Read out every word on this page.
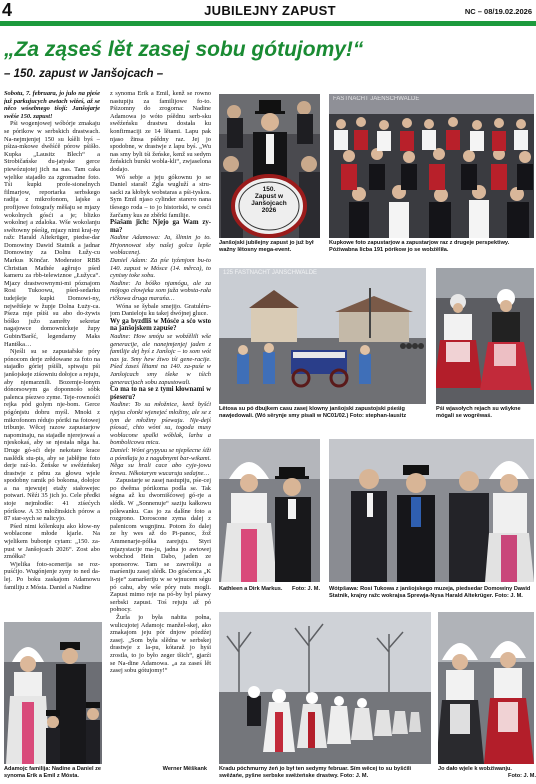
4	JUBILEJNY ZAPUST	NC – 08/19.02.2026
„Za ząseś lět zasej sobu gótujomy!“
– 150. zapust w Janšojcach –

Sobotu, 7. februara, jo julo na pjeśe juž parkujucych awtach wiźeś, až se něco wósebnego tšojí: Janšojarje swěśe 150. zapust!

Pśi wogenjowej wóbórje zmakaju se pórikow w serbskich drastwach. Na-nejmjenjej 150 su kśěli byś – pśiza-mkowe dwěśćě pórow pśišło. Kupka „Lausitz Blech“ a Strobičańske du-jatyske gerce piewózujotej jich na nas. Tam caka wjelike stajadło za zgromadne foto. Tśi kupki profe-sionelnych filmarjow, reportarka serbskego radija z mikrofonom, lajske a profijowe fotografy měšaju se mjazy wokolnych gósći a je; blizko wokolnej a zdaloka. Wše wokolanju swětowny pśeśig, mjazy nimi kraj-ny ražc Harald Altekrüger, piedse-dar Domowiny Dawid Statnik a jadnar Domowiny za Dolnu Łužy-cu Markus Könčar. Moderator RBB Christian Mathée agěrujo pśed kameru za rbb-telewiznoe „Łužyca“. Mjazy drastwownymi-mi póznajom Rosi Tukoowu, pśed-sedarku tudejšeje kupki Domowi-ny, nejwětšeje w župje Dolna Łuży-ca. Pśeza mje pśiśi su abo do-żywis bóško južo zamrěty sekretar nagajowce domownickeje župy Gubin/Baršć, legendarny Maks Hantška…

Njeśli su se zapustařske póry pónocom derje zrědowane za foto na stajadło góriej pśišli, spiwaju pśi janšojskeje ziśowniu dołojce a rejuju, aby njemarznili. Bozemje-lonym dónorsowym ga doponnošo sóbk palenca pśezwo zyme. Teje-rownośći rejka pód golym nje-bom. Gerce pógónjstu dobru myśl. Mnoki z mikrofonom rédujo póriki na fotowej tribunje. Wěcej razow zapustarjow napominaju, na stajadle njerejowaś a njeskokaś, aby se njestała něga ha. Druge gó-sći deje nekotare krace naslědk stu-pis, aby se jabłějne foto derje raź-lo. Žeńske w swěźeńskej drastwje z pěnu za głowu wjele spodobny ramik pó bokoma, dołojce a na njewujej etažy stałowejec potwari. Něźi 35 jich jo. Cele předki stoje nejmłodše: 41 ziśećych pórikow. A 33 młožinskich pórow a 87 star-sych se nalicyjo.

Pśed nimi kólenkuju ako kłow-ny woblacone młode kjarle. Na wjelikem bubonje cytam: „150. za-pust w Janšojcach 2026“. Zost abo zmółka?

Wjelika foto-scenerija se roz-puśćijo. Wugónjenje zyny to ned da-lej. Po boku zaskajom Adamowu familiju z Mósta. Daniel a Nadine

z synoma Erik a Emil, kenž se rowno nastupiju za familijowe fo-to. Pśizomny do zrogorna: Nadine Adamowa jo wóto pśědnu serb-sku swěźeńsku drastwu dostała ku konfirmaciji ze 14 lětami. Lapu pak njaso žinsa pśědny raz. Jej jo spodobne, w drastwje z lapu byś. „Wu nas smy byli tśi žeńske, kenž su sedym žeńskich burski wobla-kli“, zwjaselona dodajo.

Wó sebje a jeju gókownu jo se Daniel staraš! Zgla wugluží a stru-sacki za kłobyk wobstaras a pśi-tyskos. Sym Emil nјaso cylinder stareго nana tšesego roda – to jo historiski, w cesći žarčamy kus ze zběrki familije.

Pśašam jich: Njejo ga Wam zy-ma?

Nadine Adamowa: Ja, šlimin jo to. Hrjonnowat sby našej golca lepše wobłacenej.

Daniel Adam: Za pśe tyźenjom bu-to 140. zapust w Móscе (14. měrca), to cyniмy toke sobu.

Nadine: Ja bóško njamógu, ale za mójogo cłowjeka som juža wobsta-rała ričkowa druga marańa…

Wóna se šybale smejijo. Gratuléru-jom Danieloju ku takej dwójnej gluce.

Wy ga byzdliš w Mósće a sćo wsto na janšojskem zapuśe?

Nadine: How smóju se wobźělili wše generacije, ale nanejmjenjej jaden z familije dej byś z Janšojc – to som wót nas ja. Smy hew źiwo tśi gene-racije. Pśed źaseś lětami na 140. za-puśe w Janšojcach smy tšeke w tśich generacijach sobu zapustowali.

Co ma to na se z tymi kłownami w pśeseгu?

Nadine: To su młožnice, kenž byšći njejsu cłonki wjenejeć młožiny, ale se z tym de młožiny pśewaju. Nje-dejś pśosać, chto wóni su, togoda musy wobłacone spalki wóblak, larbu a bombolicowu micu.

Daniel: Wóni grypyuu se njepšecne śiži a pómiłaju jo z nagubnymi bar-wikami. Něga su hrali cacе abo cyje-jowu krewu. Někotarym wucaruju sedajne…

Zapustarje se zasej nastupiju, pśe-cej po dwěma pórikoma podla se. Tak ségna až ku dwornišćowej gó-rje a slédk. W „Sonnenuje“ saziju kałkowu pólewanku. Cas jo za dalšne foto a rozgrono. Doroscone zyma dalej z palenicom wugnjinu. Potom žo dalej ze hy wes až do Pi-panoc, žož Ammenarje-pólka zarejuju. Styri mjazystacije ma-ju, jadna jo awtowej wobchod Hein Dabo, jaden ze sponsorow. Tam se zawrošiju a marśeniju zasej slédk. Do gósćenca „K li-pje“ zamaršeriju w se wjnucem ségu pó cahu, aby wše póry nuts mogli. Zapust mimo reje na pó-by byl pśawy serbski zapust. Toś rejuju až pó połnocy.

Žurla jo była nabita połna, wulicujotej Adamojc manžel-skej, ako zmakajom jeju pór dnjow pózdźej zasej. „Som była slědna w serbskej drastwje z la-pu, kótaraž jo hyśi zrostla, to jo było zeger tšich“, gjarźi se Na-dine Adamowa. „a za zaseś lět zasej sobu gótujomy!“

150.
Zapust w
Janšojcach
2026
Janšojski jubilejny zapust jo juž był wažny lětosny mega-event.
FASTNACHT JAENSCHWALDE
Kupkowe foto zapustarjow a zapustarjow raz z drugeje perspektiwy. Późiwabna licba 191 pórikow jo se wobźěliła.
125 FASTNACHT JÄNSCHWALDE
Lětosa su pó dbujkem casu zasej klowny janšojski zapustojski pśeśig nawjedowali. (Wó sěrynje smy pisali w NC01/02.) Foto: stephan-lausitz
Pśi wjasołych rejach su wšykne mógali se wogrěwaś.
Kathleen a Dirk Markus. Foto: J. M. Wótpšawa: Rosi Tukowa z janšojskego muzeja, piedsedar Domowiny Dawid Statnik, krajny ražc wokrajsa Sprewja-Nysa Harald Altekrüger. Foto: J. M.
Adamojc familija: Nadine a Daniel ze synoma Erik a Emil z Mósta.
Werner Měškank Kradu póchmurny źeń jo był ten sedymy februar. Sím wěcej to su byšćili swěźańe, pyšne serbske swěźeńske drastwy. Foto: J. M.
Jo dało wjele k wobźiwanju.
Foto: J. M.
